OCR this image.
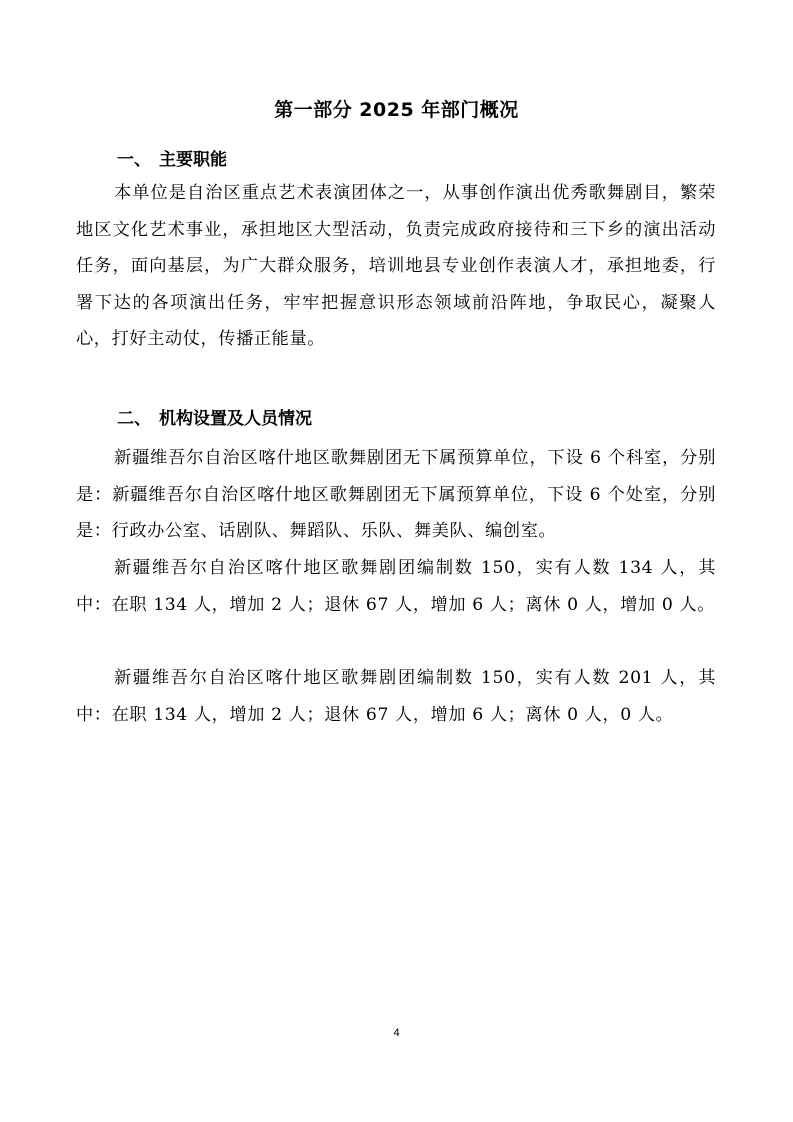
第一部分 2025 年部门概况
一、 主要职能
本单位是自治区重点艺术表演团体之一，从事创作演出优秀歌舞剧目，繁荣地区文化艺术事业，承担地区大型活动，负责完成政府接待和三下乡的演出活动任务，面向基层，为广大群众服务，培训地县专业创作表演人才，承担地委，行署下达的各项演出任务，牢牢把握意识形态领域前沿阵地，争取民心，凝聚人心，打好主动仗，传播正能量。
二、 机构设置及人员情况
新疆维吾尔自治区喀什地区歌舞剧团无下属预算单位，下设 6 个科室，分别是：新疆维吾尔自治区喀什地区歌舞剧团无下属预算单位，下设 6 个处室，分别是：行政办公室、话剧队、舞蹈队、乐队、舞美队、编创室。
新疆维吾尔自治区喀什地区歌舞剧团编制数 150，实有人数 134 人，其中：在职 134 人，增加 2 人；退休 67 人，增加 6 人；离休 0 人，增加 0 人。
新疆维吾尔自治区喀什地区歌舞剧团编制数 150，实有人数 201 人，其中：在职 134 人，增加 2 人；退休 67 人，增加 6 人；离休 0 人，0 人。
4
